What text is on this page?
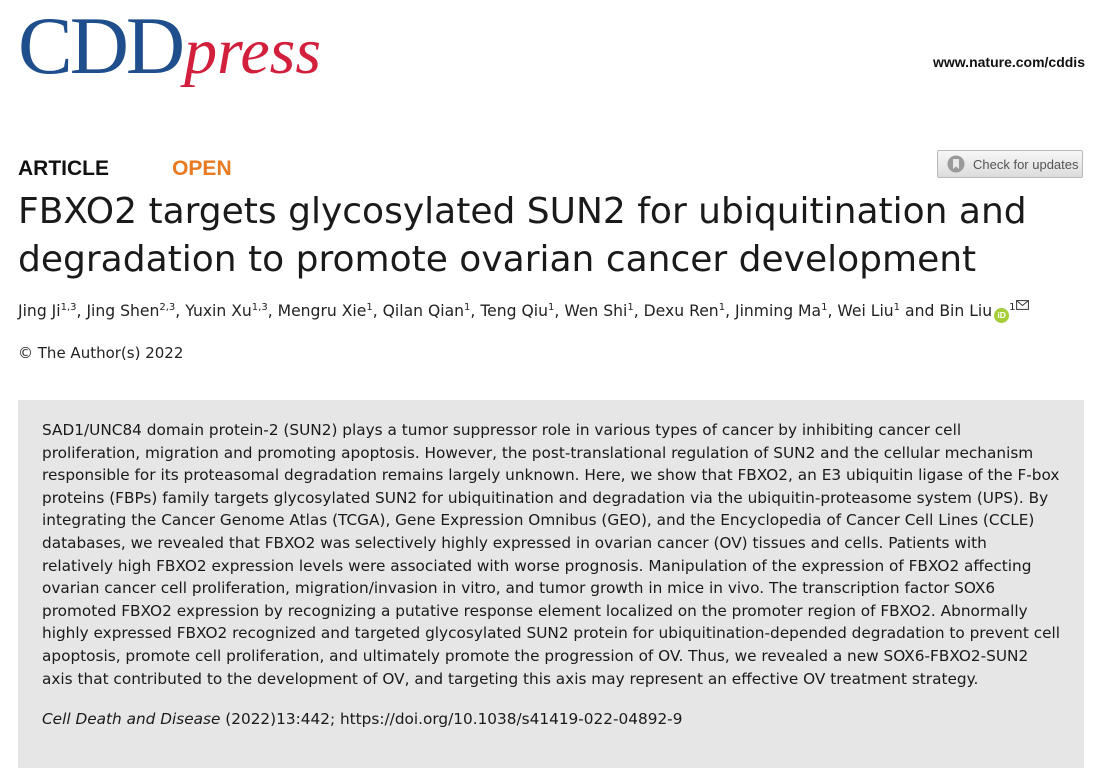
CDDpress	www.nature.com/cddis
ARTICLE	OPEN	Check for updates
FBXO2 targets glycosylated SUN2 for ubiquitination and degradation to promote ovarian cancer development
Jing Ji$^{1,3}$, Jing Shen$^{2,3}$, Yuxin Xu$^{1,3}$, Mengru Xie$^1$, Qilan Qian$^1$, Teng Qiu$^1$, Wen Shi$^1$, Dexu Ren$^1$, Jinming Ma$^1$, Wei Liu$^1$ and Bin Liu $iD^1$
© The Author(s) 2022

SAD1/UNC84 domain protein-2 (SUN2) plays a tumor suppressor role in various types of cancer by inhibiting cancer cell proliferation, migration and promoting apoptosis. However, the post-translational regulation of SUN2 and the cellular mechanism responsible for its proteasomal degradation remains largely unknown. Here, we show that FBXO2, an E3 ubiquitin ligase of the F-box proteins (FBPs) family targets glycosylated SUN2 for ubiquitination and degradation via the ubiquitin-proteasome system (UPS). By integrating the Cancer Genome Atlas (TCGA), Gene Expression Omnibus (GEO), and the Encyclopedia of Cancer Cell Lines (CCLE) databases, we revealed that FBXO2 was selectively highly expressed in ovarian cancer (OV) tissues and cells. Patients with relatively high FBXO2 expression levels were associated with worse prognosis. Manipulation of the expression of FBXO2 affecting ovarian cancer cell proliferation, migration/invasion in vitro, and tumor growth in mice in vivo. The transcription factor SOX6 promoted FBXO2 expression by recognizing a putative response element localized on the promoter region of FBXO2. Abnormally highly expressed FBXO2 recognized and targeted glycosylated SUN2 protein for ubiquitination-depended degradation to prevent cell apoptosis, promote cell proliferation, and ultimately promote the progression of OV. Thus, we revealed a new SOX6-FBXO2-SUN2 axis that contributed to the development of OV, and targeting this axis may represent an effective OV treatment strategy.

Cell Death and Disease (2022)13:442; https://doi.org/10.1038/s41419-022-04892-9
